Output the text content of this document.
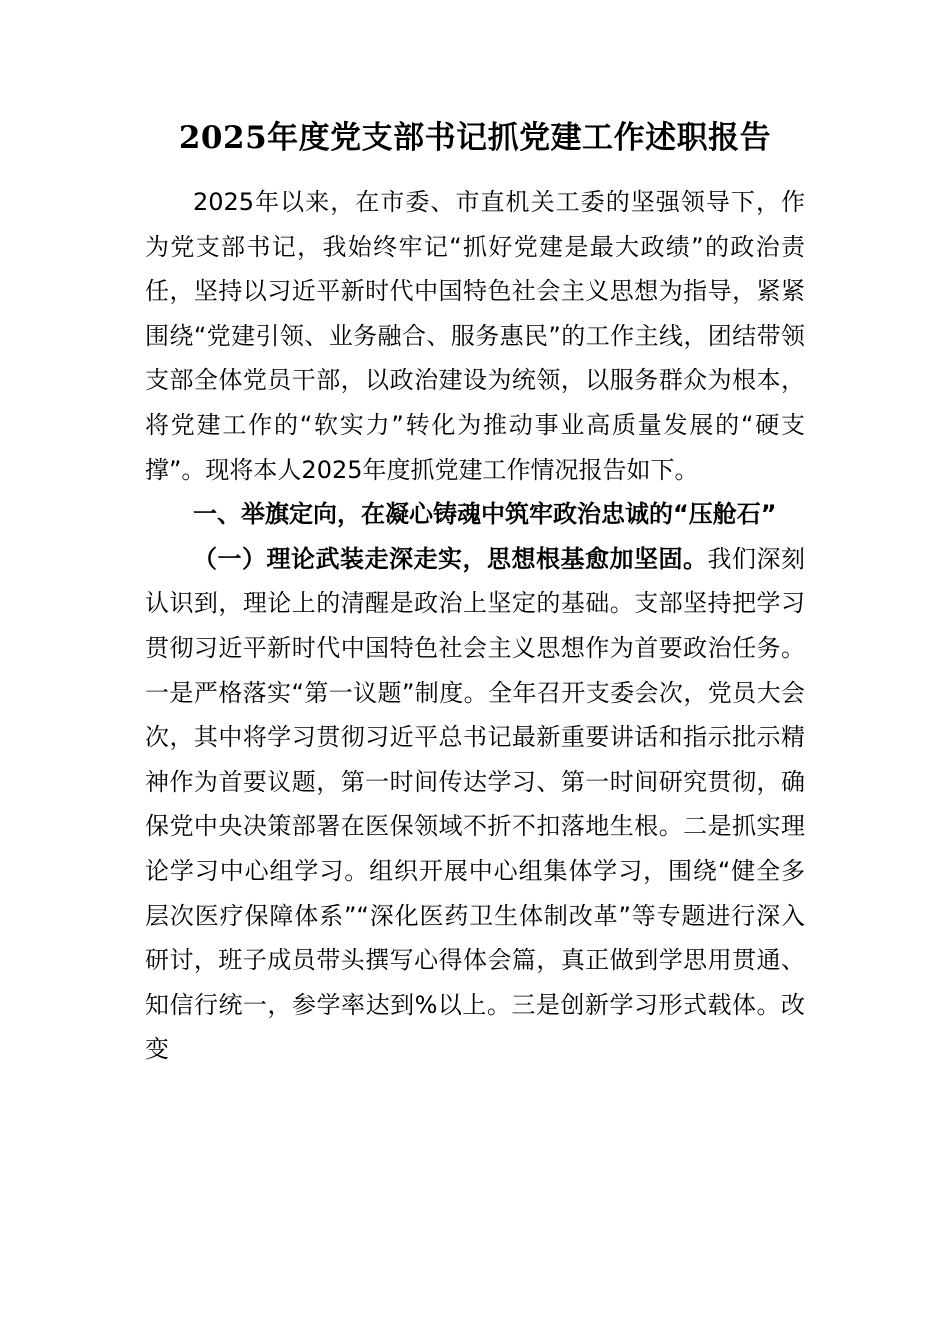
2025年度党支部书记抓党建工作述职报告

2025年以来，在市委、市直机关工委的坚强领导下，作为党支部书记，我始终牢记“抓好党建是最大政绩”的政治责任，坚持以习近平新时代中国特色社会主义思想为指导，紧紧围绕“党建引领、业务融合、服务惠民”的工作主线，团结带领支部全体党员干部，以政治建设为统领，以服务群众为根本，将党建工作的“软实力”转化为推动事业高质量发展的“硬支撑”。现将本人2025年度抓党建工作情况报告如下。

一、举旗定向，在凝心铸魂中筑牢政治忠诚的“压舱石”

（一）理论武装走深走实，思想根基愈加坚固。我们深刻认识到，理论上的清醒是政治上坚定的基础。支部坚持把学习贯彻习近平新时代中国特色社会主义思想作为首要政治任务。一是严格落实“第一议题”制度。全年召开支委会次，党员大会次，其中将学习贯彻习近平总书记最新重要讲话和指示批示精神作为首要议题，第一时间传达学习、第一时间研究贯彻，确保党中央决策部署在医保领域不折不扣落地生根。二是抓实理论学习中心组学习。组织开展中心组集体学习，围绕“健全多层次医疗保障体系”“深化医药卫生体制改革”等专题进行深入研讨，班子成员带头撰写心得体会篇，真正做到学思用贯通、知信行统一，参学率达到%以上。三是创新学习形式载体。改变
